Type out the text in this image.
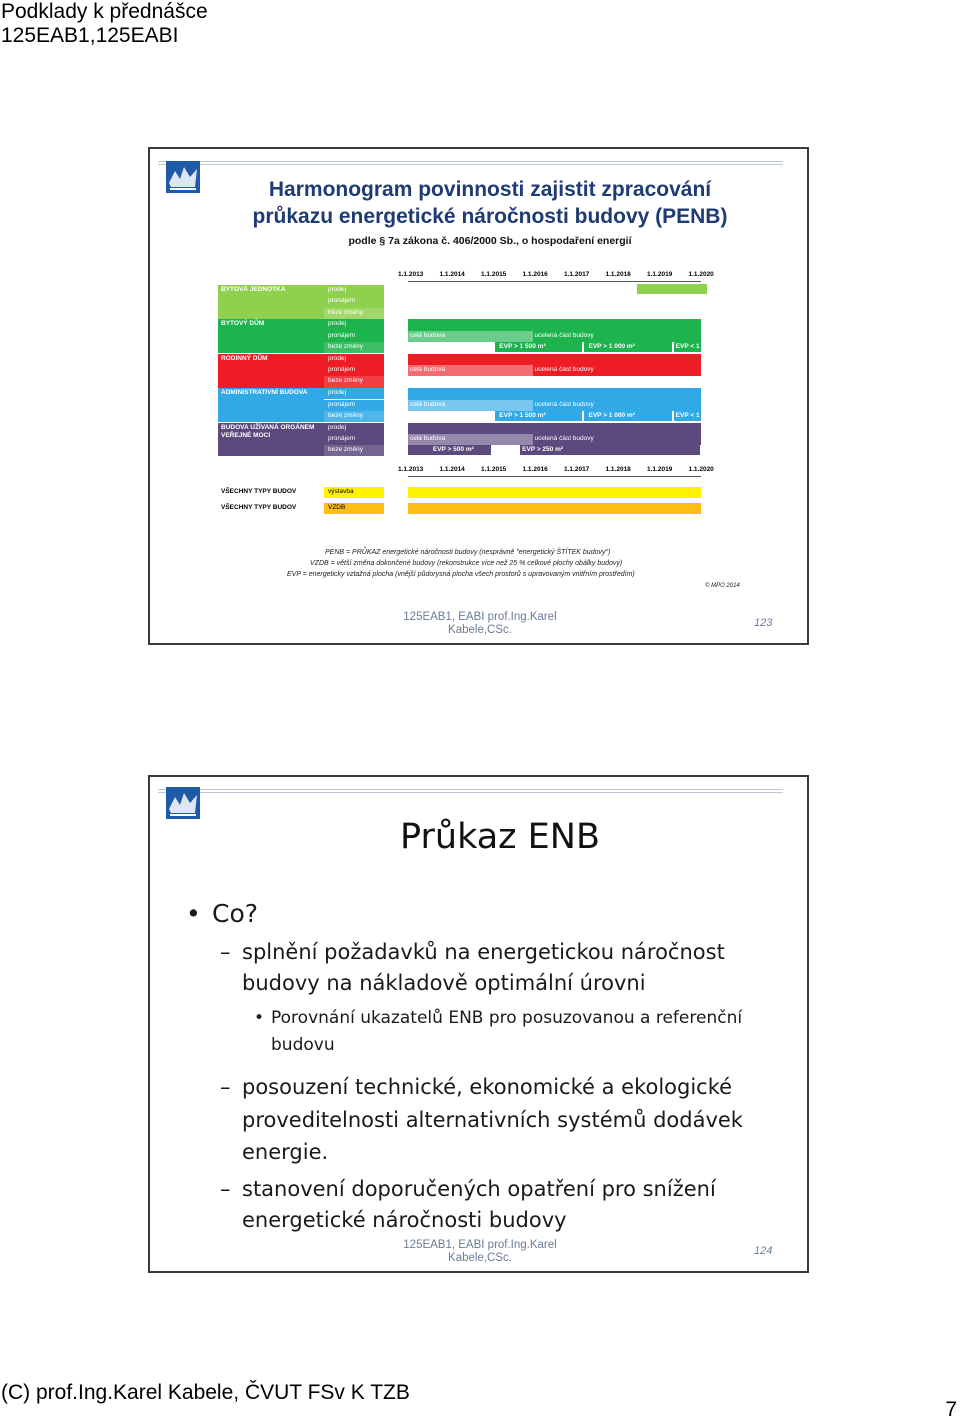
Podklady k přednášce
125EAB1,125EABI
Harmonogram povinnosti zajistit zpracování
průkazu energetické náročnosti budovy (PENB)
podle § 7a zákona č. 406/2000 Sb., o hospodaření energií
1.1.2013 1.1.2014 1.1.2015 1.1.2016 1.1.2017 1.1.2018 1.1.2019 1.1.2020
1.1.2013 1.1.2014 1.1.2015 1.1.2016 1.1.2017 1.1.2018 1.1.2019 1.1.2020
BYTOVÁ JEDNOTKA	prodej
pronájem
beze změny
BYTOVÝ DŮM	prodej
pronájem
beze změny
celá budova	ucelená část budovy
EVP > 1 500 m²	EVP > 1 000 m²	EVP < 1 000 m²
RODINNÝ DŮM	prodej
pronájem
beze změny
celá budova	ucelená část budovy
ADMINISTRATIVNÍ BUDOVA	prodej
pronájem
beze změny
celá budova	ucelená část budovy
EVP > 1 500 m²	EVP > 1 000 m²	EVP < 1 000 m²
BUDOVA UŽÍVANÁ ORGÁNEM VEŘEJNÉ MOCI
prodej
pronájem
beze změny
celá budova	ucelená část budovy
EVP > 500 m²	EVP > 250 m²
VŠECHNY TYPY BUDOV	výstavba
VŠECHNY TYPY BUDOV	VZDB
PENB = PRŮKAZ energetické náročnosti budovy (nesprávně "energetický ŠTÍTEK budovy")
VZDB = větší změna dokončené budovy (rekonstrukce více než 25 % celkové plochy obálky budovy)
EVP = energeticky vztažná plocha (vnější půdorysná plocha všech prostorů s upravovaným vnitřním prostředím)
© MPO 2014
125EAB1, EABI prof.Ing.Karel
Kabele,CSc.
123
Průkaz ENB
• Co?
– splnění požadavků na energetickou náročnost
budovy na nákladově optimální úrovni
• Porovnání ukazatelů ENB pro posuzovanou a referenční
budovu
– posouzení technické, ekonomické a ekologické
proveditelnosti alternativních systémů dodávek
energie.
– stanovení doporučených opatření pro snížení
energetické náročnosti budovy
125EAB1, EABI prof.Ing.Karel
Kabele,CSc.
124
(C) prof.Ing.Karel Kabele, ČVUT FSv K TZB
7
